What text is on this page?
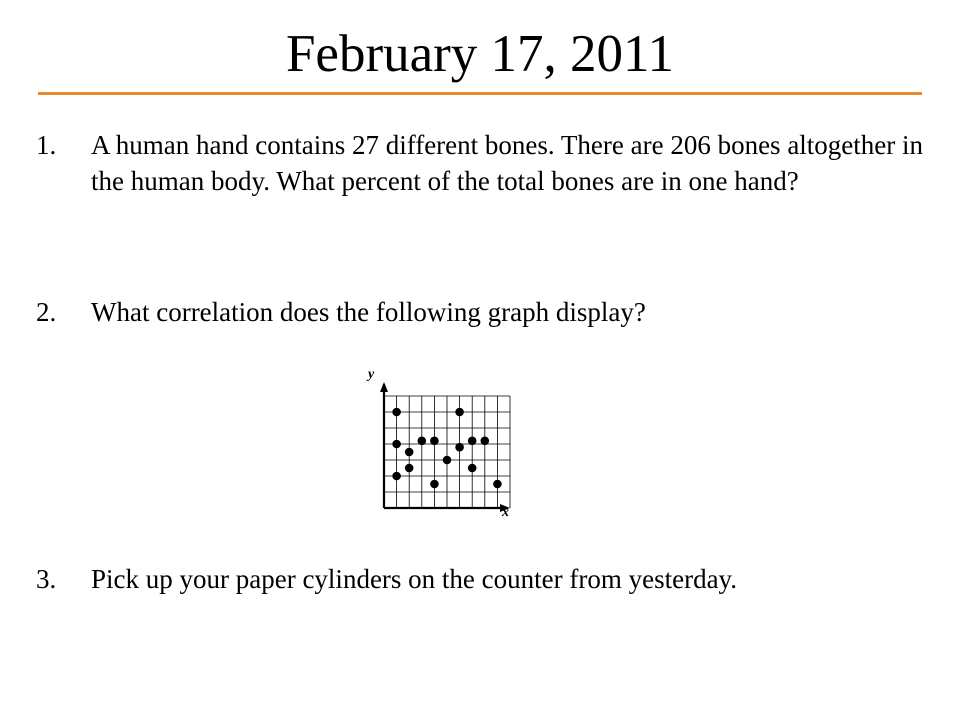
February 17, 2011
1. A human hand contains 27 different bones. There are 206 bones altogether in the human body. What percent of the total bones are in one hand?
2. What correlation does the following graph display?
y
x
3. Pick up your paper cylinders on the counter from yesterday.
